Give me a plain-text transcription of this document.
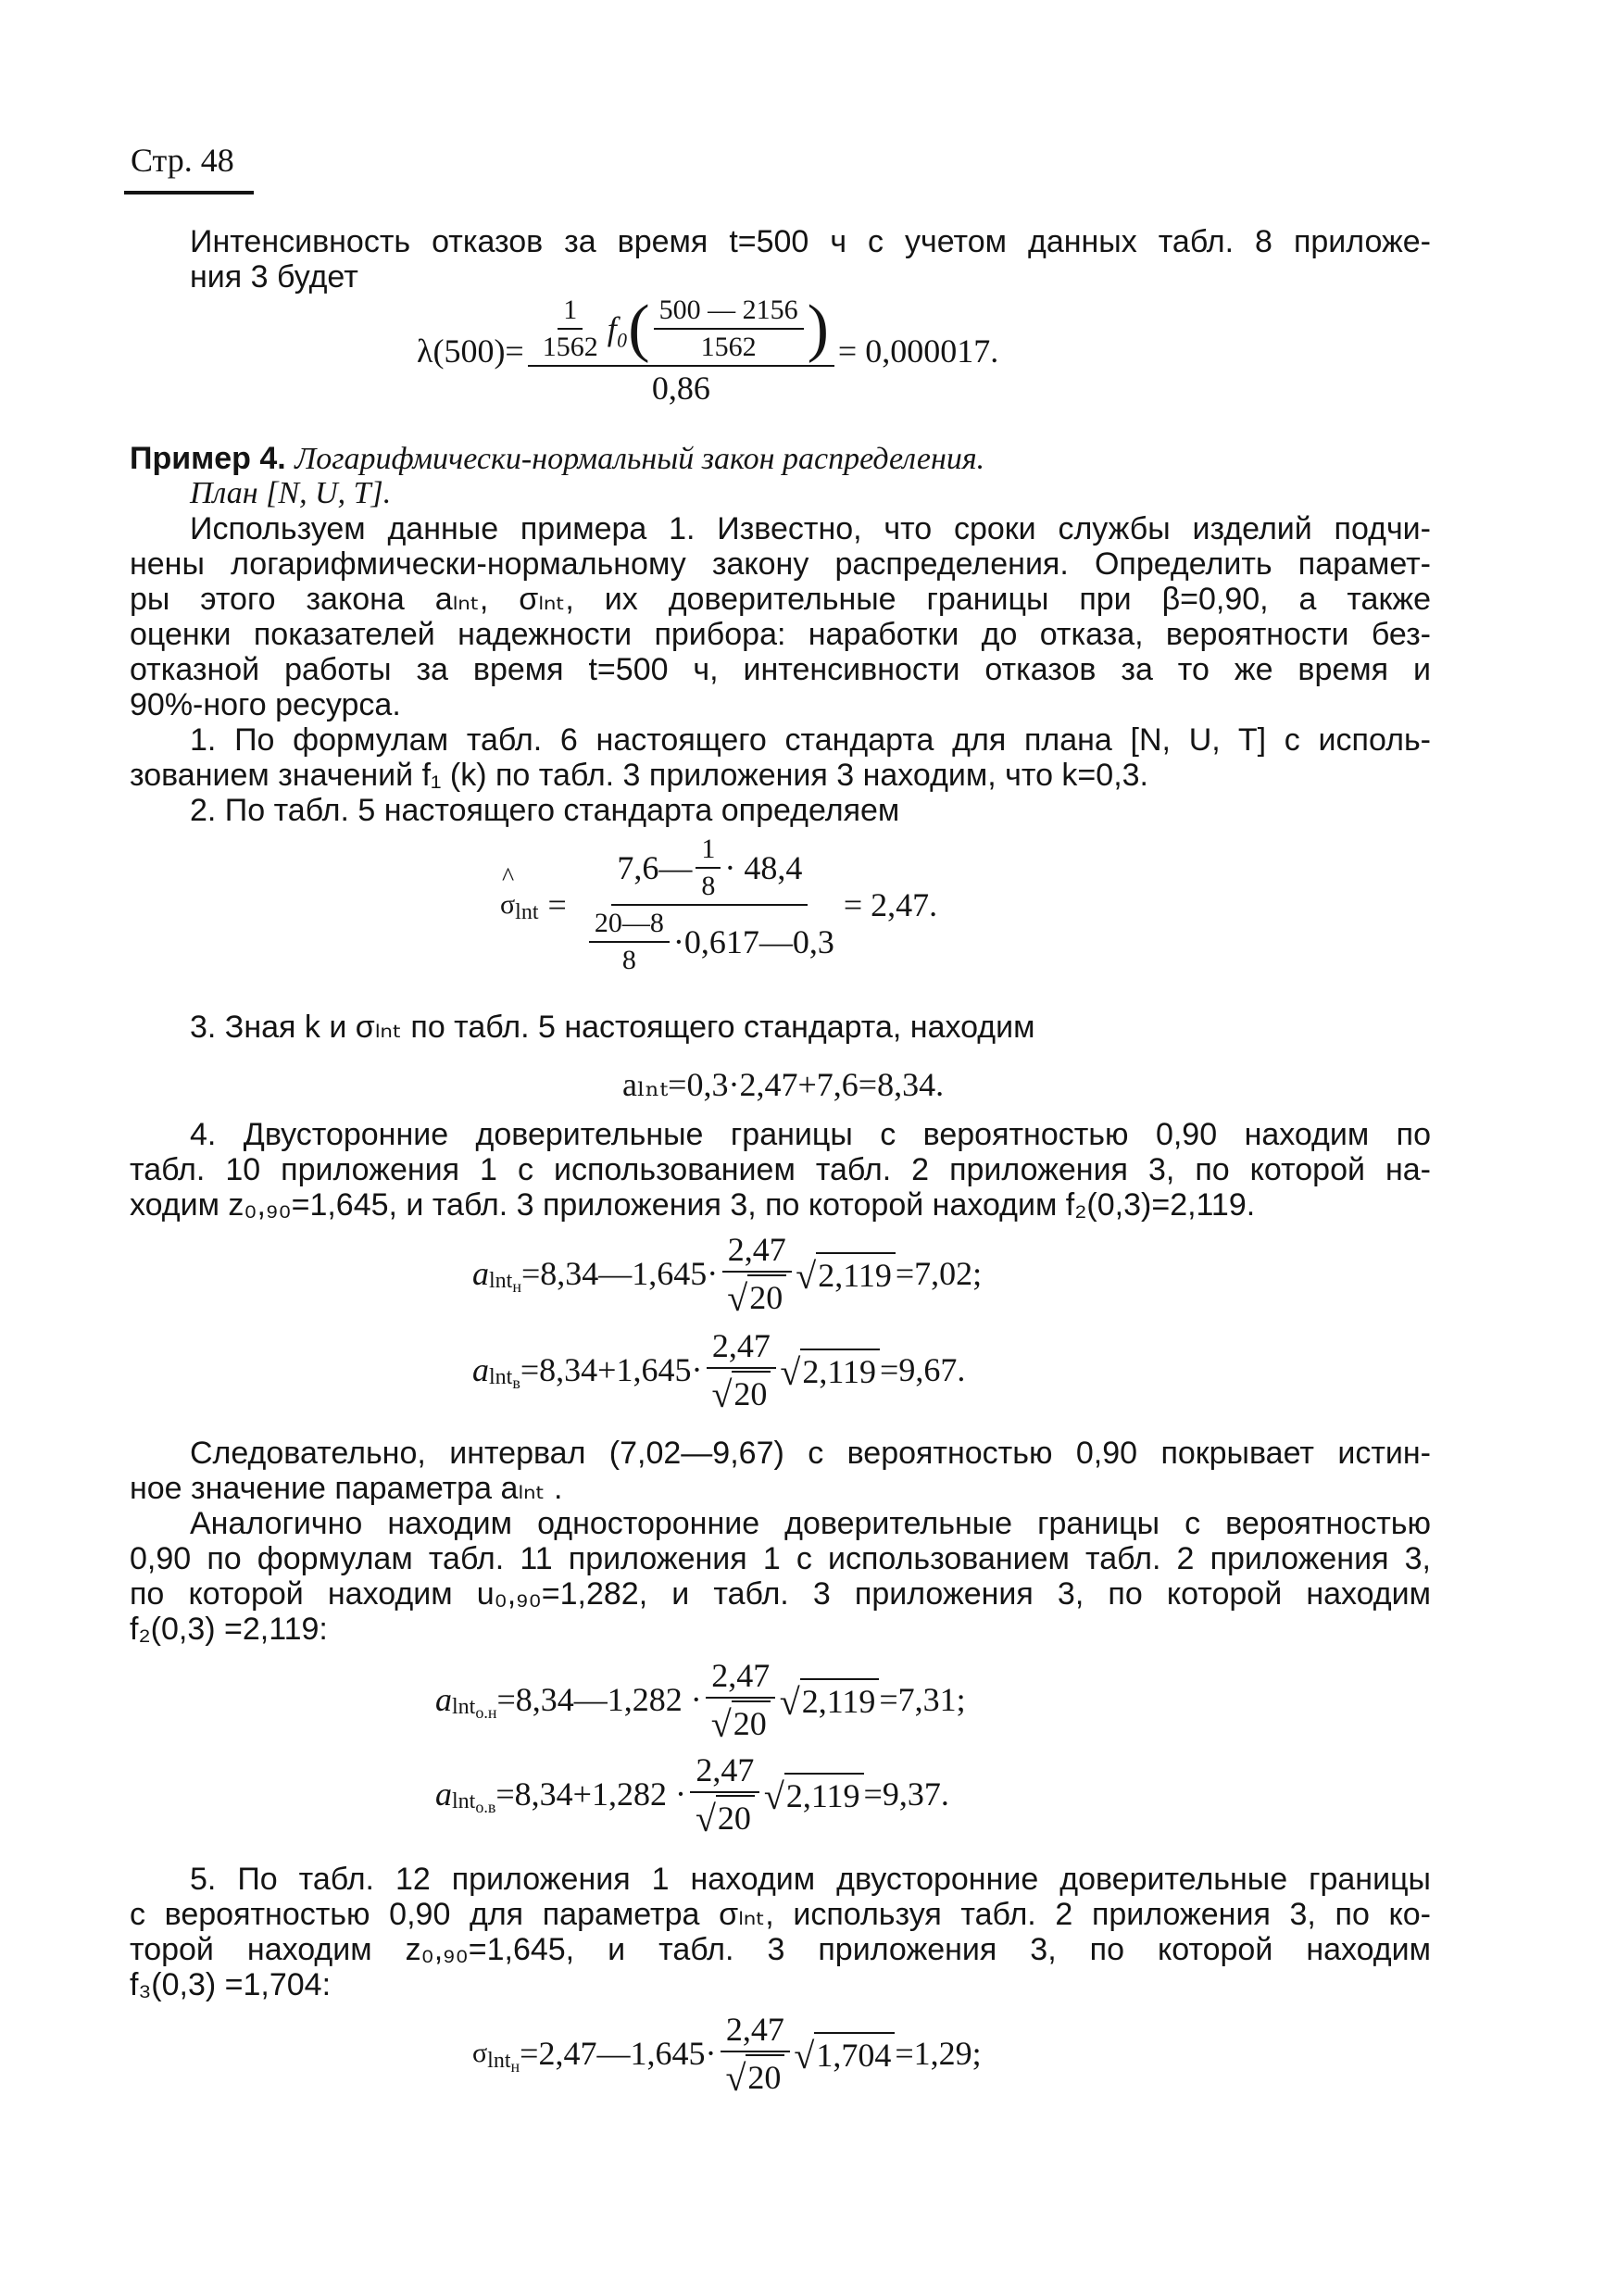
Стр. 48
Интенсивность отказов за время t=500 ч с учетом данных табл. 8 приложе-
ния 3 будет
$\lambda(500)= \frac{\frac{1}{1562} f_0 ( \frac{500 — 2156}{1562} )}{0,86} = 0,000017$.
Пример 4. Логарифмически-нормальный закон распределения.
План [N, U, T].
Используем данные примера 1. Известно, что сроки службы изделий подчи-
нены логарифмически-нормальному закону распределения. Определить парамет-
ры этого закона aₗₙₜ, σₗₙₜ, их доверительные границы при β=0,90, а также
оценки показателей надежности прибора: наработки до отказа, вероятности без-
отказной работы за время t=500 ч, интенсивности отказов за то же время и
90%-ного ресурса.
1. По формулам табл. 6 настоящего стандарта для плана [N, U, T] с исполь-
зованием значений f₁ (k) по табл. 3 приложения 3 находим, что k=0,3.
2. По табл. 5 настоящего стандарта определяем
^ σ $\ln t = \frac{7,6— \frac{1}{8} \cdot 48,4}{\frac{20—8}{8} \cdot 0,617—0,3} = 2,47$.
3. Зная k и σₗₙₜ по табл. 5 настоящего стандарта, находим
aₗₙₜ=0,3·2,47+7,6=8,34.
4. Двусторонние доверительные границы с вероятностью 0,90 находим по
табл. 10 приложения 1 с использованием табл. 2 приложения 3, по которой на-
ходим z₀,₉₀=1,645, и табл. 3 приложения 3, по которой находим f₂(0,3)=2,119.
a lnt н =8,34—1,645· $\frac{2,47}{√ 20}$ √ 2,119 =7,02;
a lnt $в =8,34+1,645\cdot \frac{2,47}{√ 20}$ √ 2,119 =9,67.
Следовательно, интервал (7,02—9,67) с вероятностью 0,90 покрывает истин-
ное значение параметра aₗₙₜ .
Аналогично находим односторонние доверительные границы с вероятностью
0,90 по формулам табл. 11 приложения 1 с использованием табл. 2 приложения 3,
по которой находим u₀,₉₀=1,282, и табл. 3 приложения 3, по которой находим
f₂(0,3) =2,119:
a lnt о.н =8,34—1,282 · $\frac{2,47}{√ 20}$ √ 2,119 =7,31;
a lnt $о.в =8,34+1,282 \cdot \frac{2,47}{√ 20}$ √ 2,119 =9,37.
5. По табл. 12 приложения 1 находим двусторонние доверительные границы
с вероятностью 0,90 для параметра σₗₙₜ, используя табл. 2 приложения 3, по ко-
торой находим z₀,₉₀=1,645, и табл. 3 приложения 3, по которой находим
f₃(0,3) =1,704:
σ lnt н =2,47—1,645· $\frac{2,47}{√ 20}$ √ 1,704 =1,29;
